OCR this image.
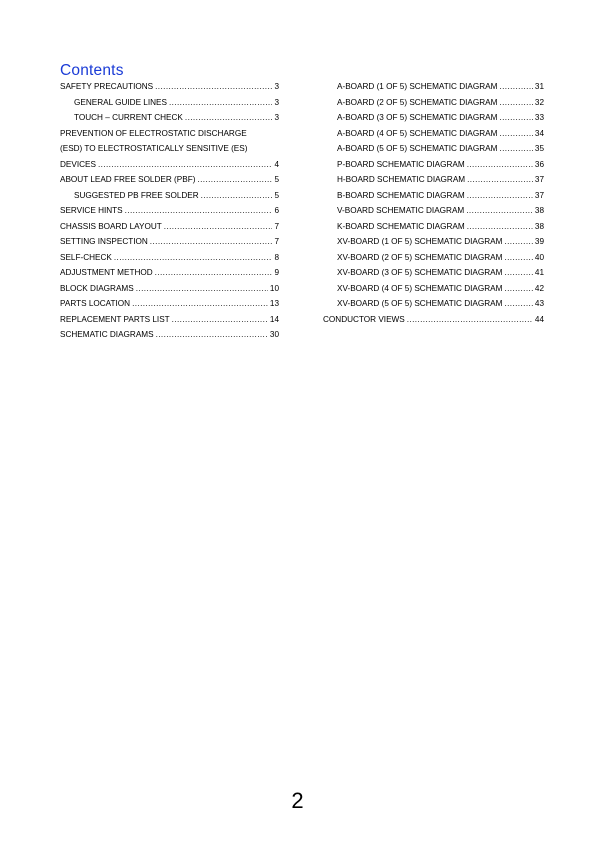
Contents
SAFETY PRECAUTIONS .....	3
GENERAL GUIDE LINES .....	3
TOUCH – CURRENT CHECK .....	3
PREVENTION OF ELECTROSTATIC DISCHARGE
(ESD) TO ELECTROSTATICALLY SENSITIVE (ES)
DEVICES .....	4
ABOUT LEAD FREE SOLDER (PBF) .....	5
SUGGESTED PB FREE SOLDER .....	5
SERVICE HINTS .....	6
CHASSIS BOARD LAYOUT .....	7
SETTING INSPECTION .....	7
SELF-CHECK .....	8
ADJUSTMENT METHOD .....	9
BLOCK DIAGRAMS .....	10
PARTS LOCATION .....	13
REPLACEMENT PARTS LIST .....	14
SCHEMATIC DIAGRAMS .....	30
A-BOARD (1 OF 5) SCHEMATIC DIAGRAM .....	31
A-BOARD (2 OF 5) SCHEMATIC DIAGRAM .....	32
A-BOARD (3 OF 5) SCHEMATIC DIAGRAM .....	33
A-BOARD (4 OF 5) SCHEMATIC DIAGRAM .....	34
A-BOARD (5 OF 5) SCHEMATIC DIAGRAM .....	35
P-BOARD SCHEMATIC DIAGRAM .....	36
H-BOARD SCHEMATIC DIAGRAM .....	37
B-BOARD SCHEMATIC DIAGRAM .....	37
V-BOARD SCHEMATIC DIAGRAM .....	38
K-BOARD SCHEMATIC DIAGRAM .....	38
XV-BOARD (1 OF 5) SCHEMATIC DIAGRAM .....	39
XV-BOARD (2 OF 5) SCHEMATIC DIAGRAM .....	40
XV-BOARD (3 OF 5) SCHEMATIC DIAGRAM .....	41
XV-BOARD (4 OF 5) SCHEMATIC DIAGRAM .....	42
XV-BOARD (5 OF 5) SCHEMATIC DIAGRAM .....	43
CONDUCTOR VIEWS .....	44
2
